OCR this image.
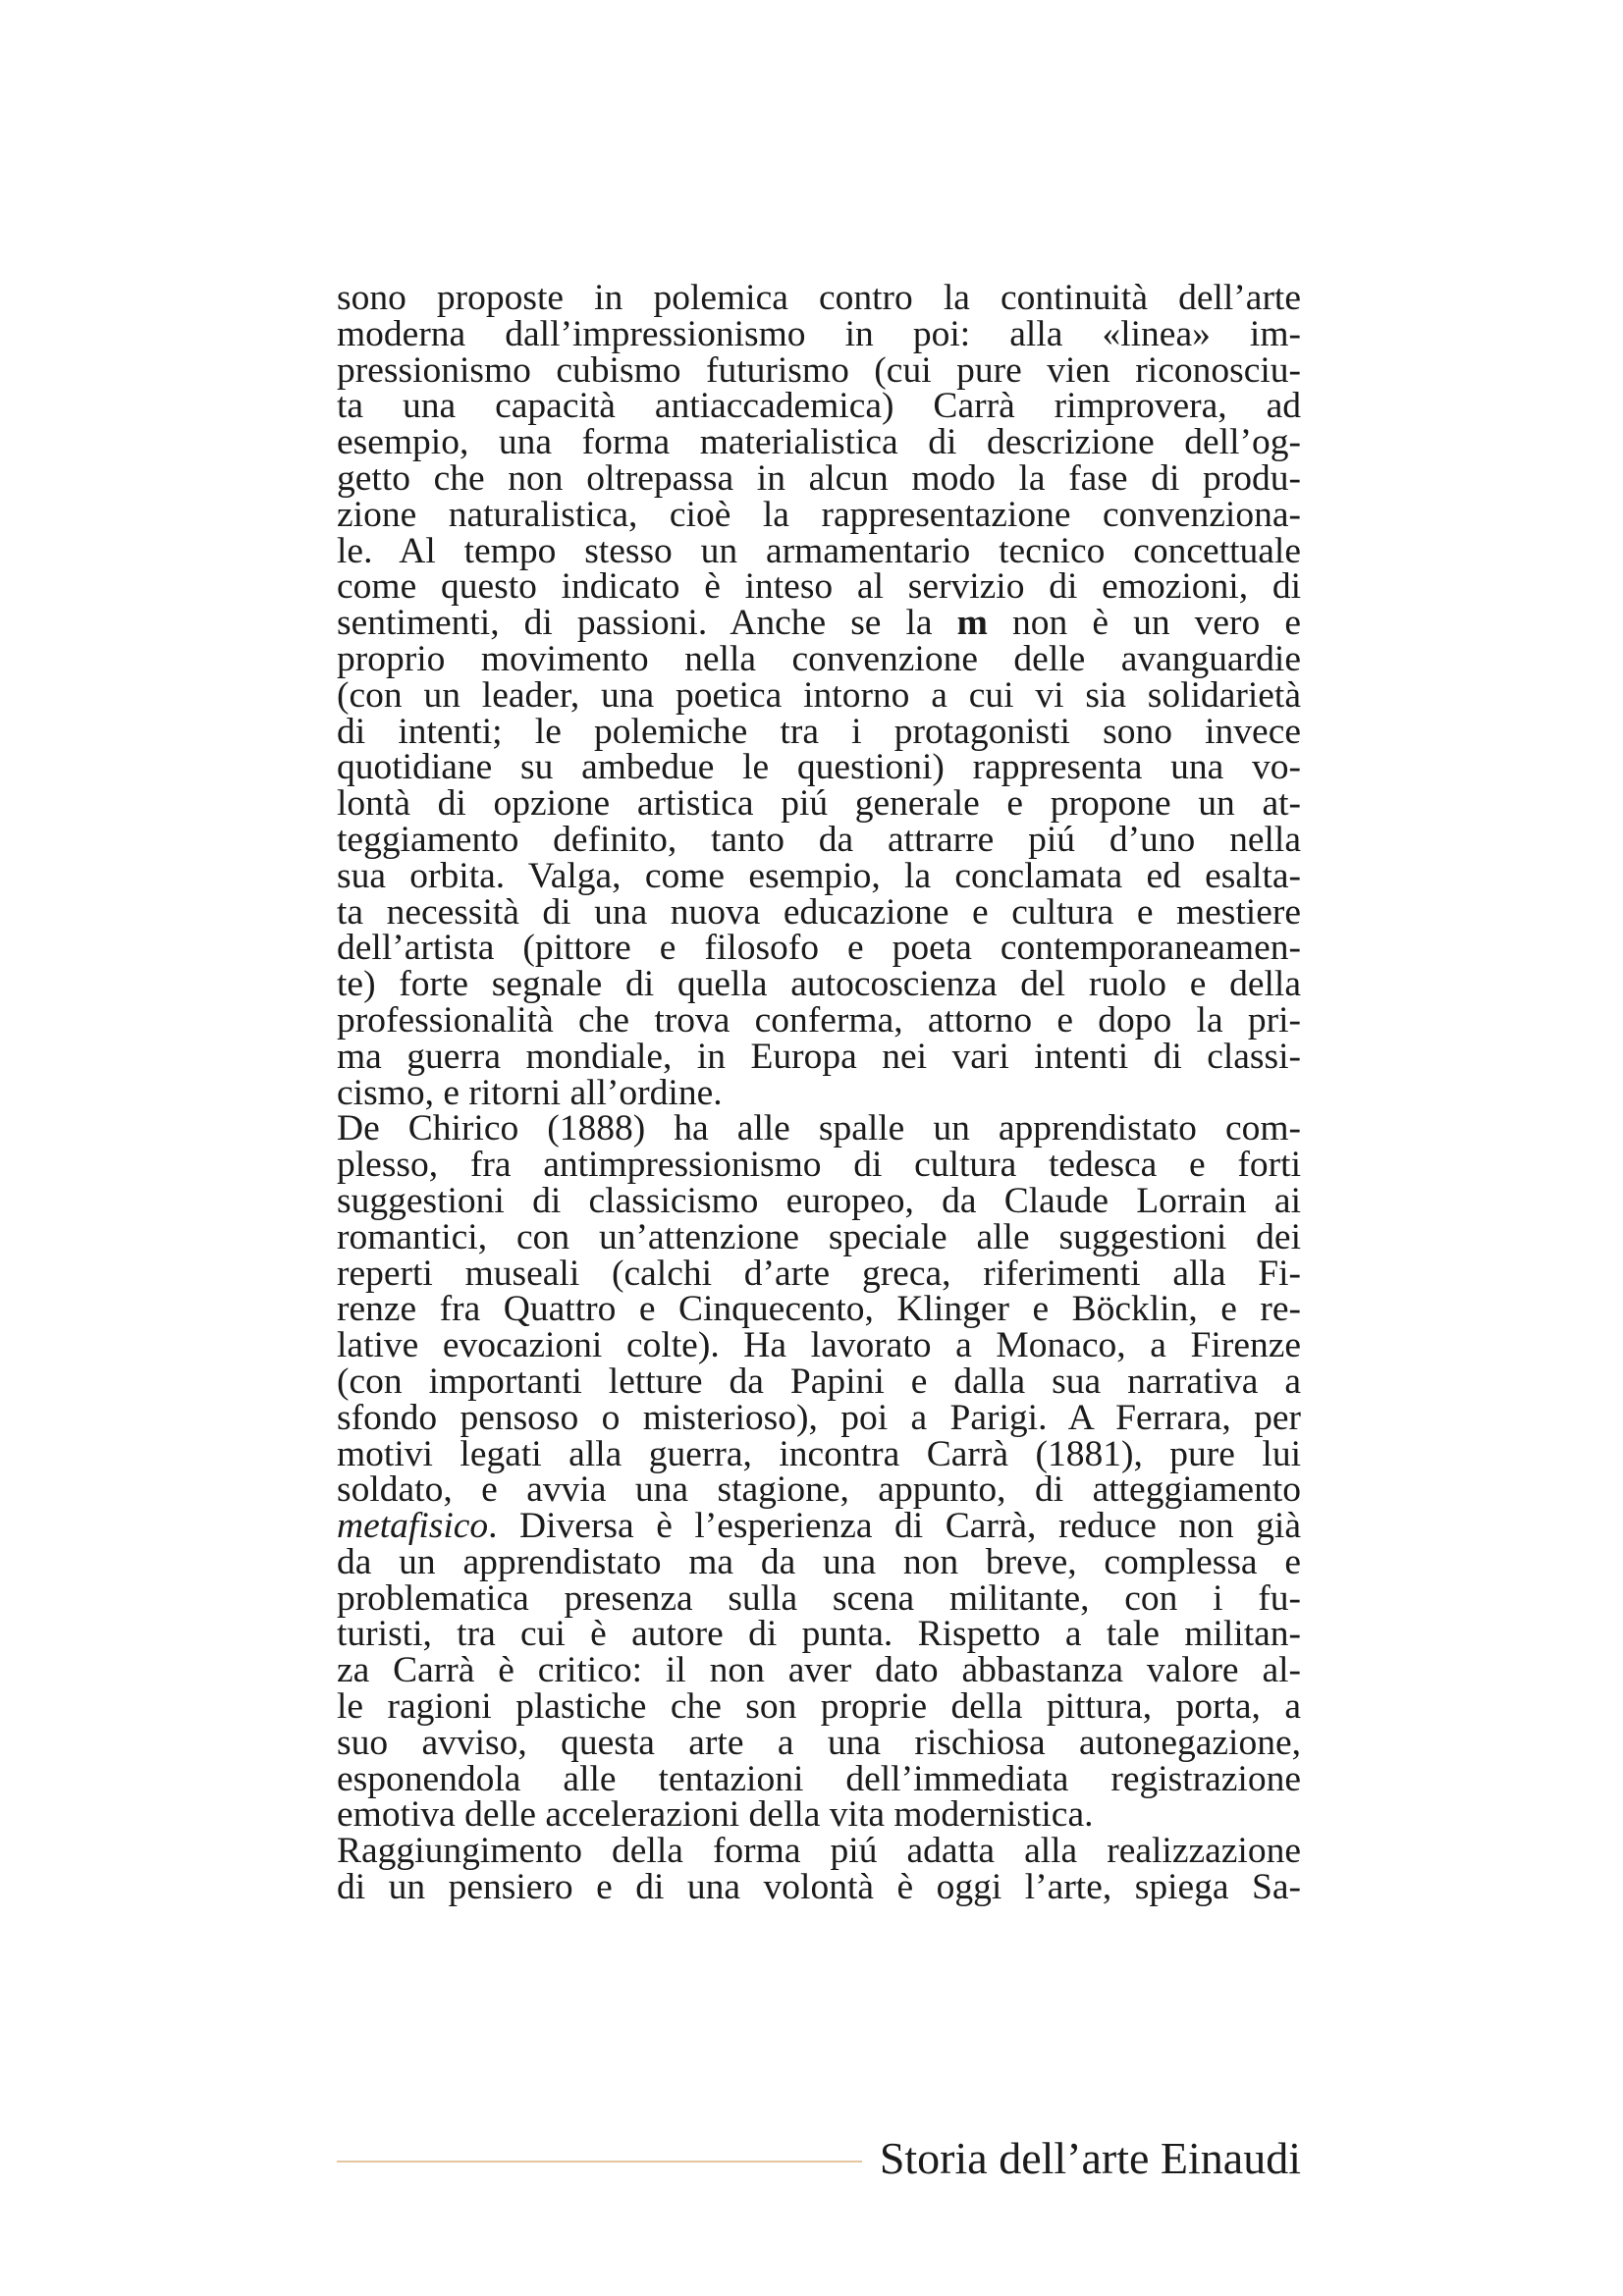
sono proposte in polemica contro la continuità dell’arte
moderna dall’impressionismo in poi: alla «linea» im-
pressionismo cubismo futurismo (cui pure vien riconosciu-
ta una capacità antiaccademica) Carrà rimprovera, ad
esempio, una forma materialistica di descrizione dell’og-
getto che non oltrepassa in alcun modo la fase di produ-
zione naturalistica, cioè la rappresentazione convenziona-
le. Al tempo stesso un armamentario tecnico concettuale
come questo indicato è inteso al servizio di emozioni, di
sentimenti, di passioni. Anche se la m non è un vero e
proprio movimento nella convenzione delle avanguardie
(con un leader, una poetica intorno a cui vi sia solidarietà
di intenti; le polemiche tra i protagonisti sono invece
quotidiane su ambedue le questioni) rappresenta una vo-
lontà di opzione artistica piú generale e propone un at-
teggiamento definito, tanto da attrarre piú d’uno nella
sua orbita. Valga, come esempio, la conclamata ed esalta-
ta necessità di una nuova educazione e cultura e mestiere
dell’artista (pittore e filosofo e poeta contemporaneamen-
te) forte segnale di quella autocoscienza del ruolo e della
professionalità che trova conferma, attorno e dopo la pri-
ma guerra mondiale, in Europa nei vari intenti di classi-
cismo, e ritorni all’ordine.
De Chirico (1888) ha alle spalle un apprendistato com-
plesso, fra antimpressionismo di cultura tedesca e forti
suggestioni di classicismo europeo, da Claude Lorrain ai
romantici, con un’attenzione speciale alle suggestioni dei
reperti museali (calchi d’arte greca, riferimenti alla Fi-
renze fra Quattro e Cinquecento, Klinger e Böcklin, e re-
lative evocazioni colte). Ha lavorato a Monaco, a Firenze
(con importanti letture da Papini e dalla sua narrativa a
sfondo pensoso o misterioso), poi a Parigi. A Ferrara, per
motivi legati alla guerra, incontra Carrà (1881), pure lui
soldato, e avvia una stagione, appunto, di atteggiamento
metafisico. Diversa è l’esperienza di Carrà, reduce non già
da un apprendistato ma da una non breve, complessa e
problematica presenza sulla scena militante, con i fu-
turisti, tra cui è autore di punta. Rispetto a tale militan-
za Carrà è critico: il non aver dato abbastanza valore al-
le ragioni plastiche che son proprie della pittura, porta, a
suo avviso, questa arte a una rischiosa autonegazione,
esponendola alle tentazioni dell’immediata registrazione
emotiva delle accelerazioni della vita modernistica.
Raggiungimento della forma piú adatta alla realizzazione
di un pensiero e di una volontà è oggi l’arte, spiega Sa-
Storia dell’arte Einaudi
